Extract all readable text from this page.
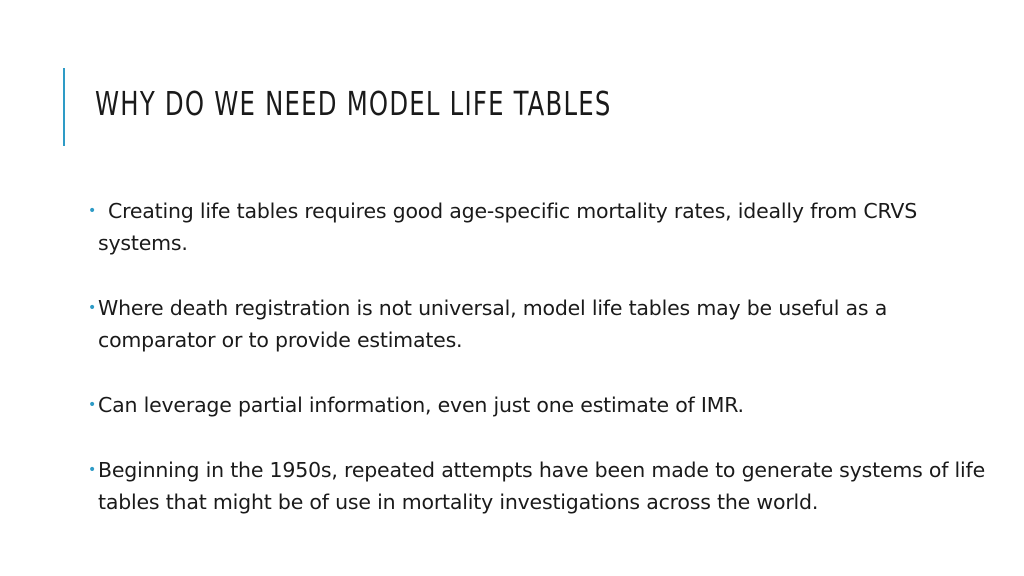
WHY DO WE NEED MODEL LIFE TABLES
• Creating life tables requires good age-specific mortality rates, ideally from CRVS systems.
• Where death registration is not universal, model life tables may be useful as a comparator or to provide estimates.
• Can leverage partial information, even just one estimate of IMR.
• Beginning in the 1950s, repeated attempts have been made to generate systems of life tables that might be of use in mortality investigations across the world.
